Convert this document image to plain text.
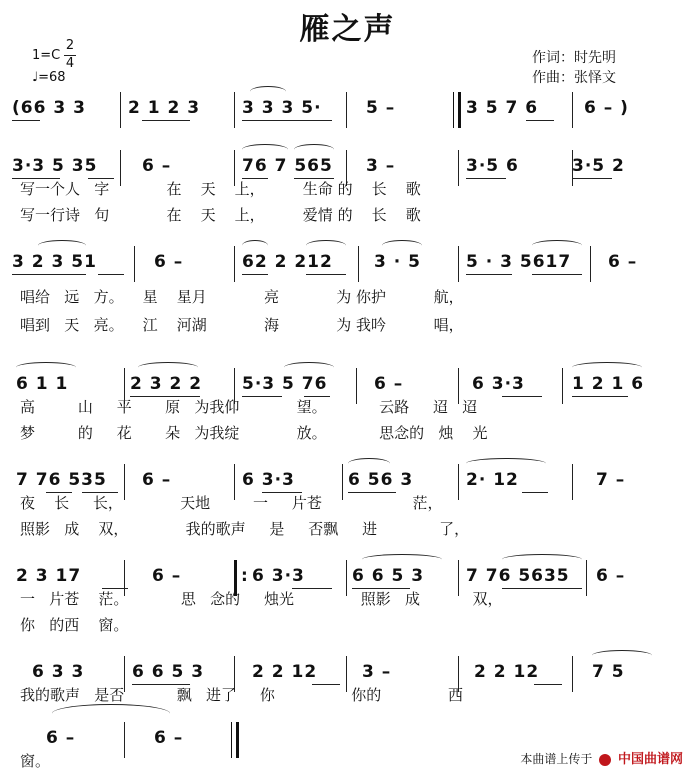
雁之声
1=C
2
4
♩=68
作词：时先明
作曲：张怿文
(66 3 3 2 1 2 3 3 3 3 5·	5 –	3 5 7 6	6 – )
3·3 5 35	6 –	76 7 565 3 –	3·5 6	3·5 2
写一个人   字            在    天    上，        生命 的    长    歌
写一行诗   句            在    天    上，        爱情 的    长    歌
3 2 3 51	6 –	62 2 212 3 · 5	5 · 3 5617 6 –
唱给   远   方。    星    星月            亮            为 你护          航，
唱到   天   亮。    江    河湖            海            为 我吟          唱，
6 1 1	2 3 2 2 5·3 5 76	6 –	6 3·3	1 2 1 6
高         山     平       原   为我仰            望。           云路     迢   迢
梦         的     花       朵   为我绽            放。           思念的   烛    光
7 76 535 6 –	6 3·3	6 56 3	2· 12	7 –
夜    长     长，            天地         一     片苍                   茫，
照影   成    双，            我的歌声     是     否飘     进             了，
2 3 17	6 –
:	6 3·3	6 6 5 3 7 76 5635 6 –
一   片苍    茫。           思   念的     烛光              照影   成           双，
你   的西    窗。
6 3 3	6 6 5 3	2 2 12	3 –	2 2 12	7 5
我的歌声   是否           飘   进了     你                你的              西
6 –	6 –
窗。	本曲谱上传于 中国曲谱网
